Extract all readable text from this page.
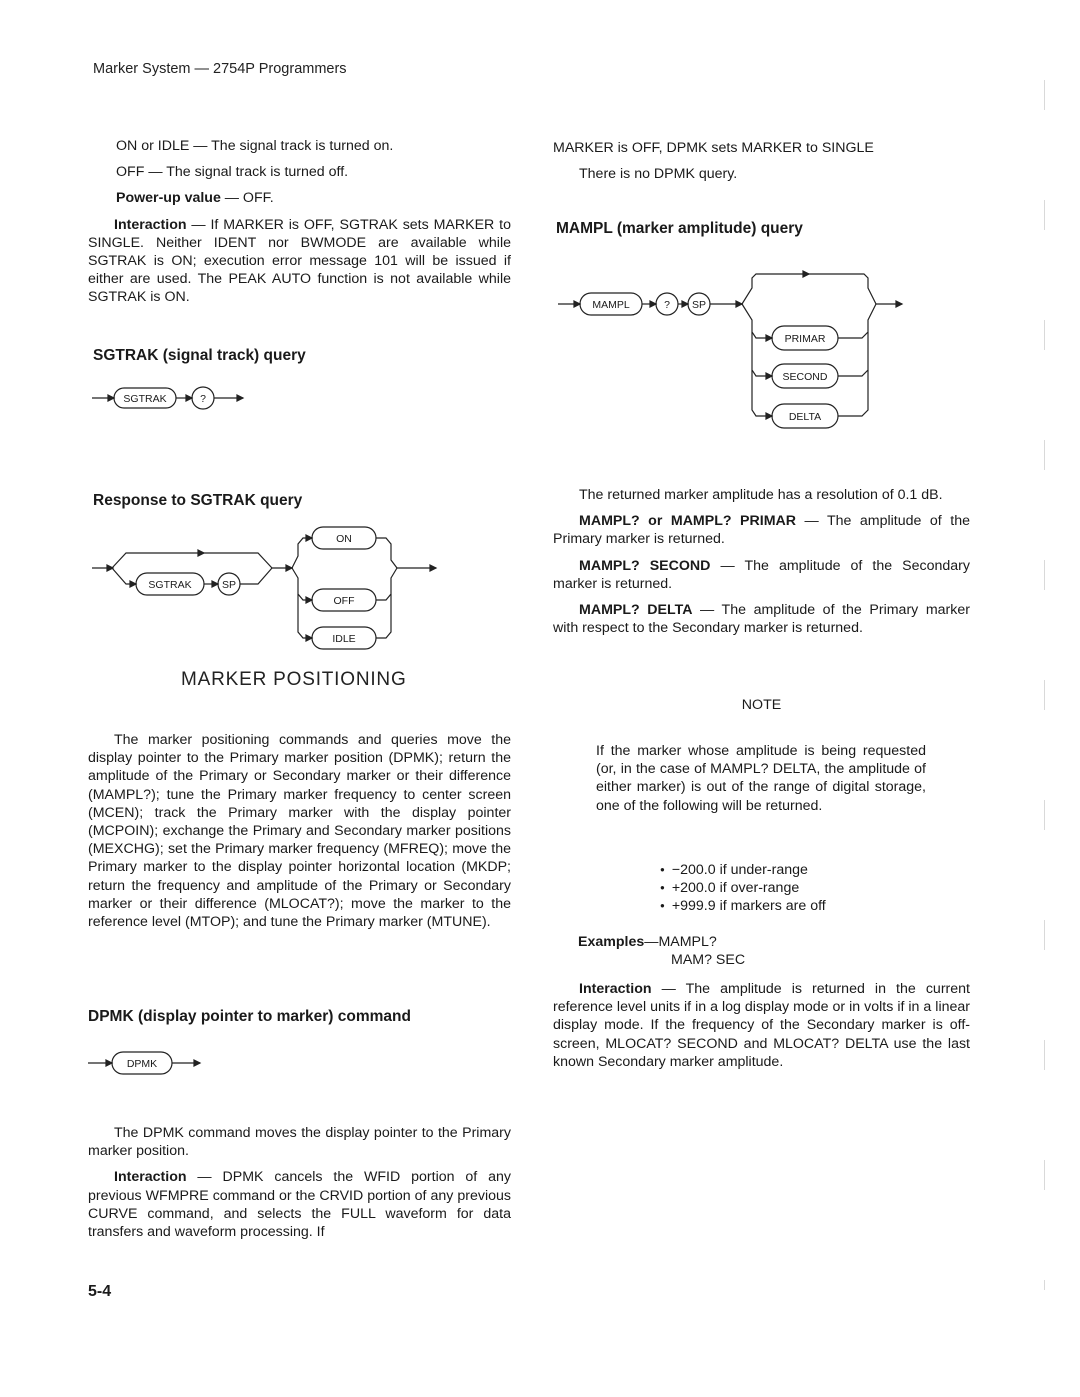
Marker System — 2754P Programmers

ON or IDLE — The signal track is turned on.

OFF — The signal track is turned off.

Power-up value — OFF.

Interaction — If MARKER is OFF, SGTRAK sets MARKER to SINGLE. Neither IDENT nor BWMODE are available while SGTRAK is ON; execution error message 101 will be issued if either are used. The PEAK AUTO function is not available while SGTRAK is ON.

SGTRAK (signal track) query
SGTRAK	?
Response to SGTRAK query
SGTRAK	SP
ON
OFF
IDLE
MARKER POSITIONING

The marker positioning commands and queries move the display pointer to the Primary marker position (DPMK); return the amplitude of the Primary or Secondary marker or their difference (MAMPL?); tune the Primary marker frequency to center screen (MCEN); track the Primary marker with the display pointer (MCPOIN); exchange the Primary and Secondary marker positions (MEXCHG); set the Primary marker frequency (MFREQ); move the Primary marker to the display pointer horizontal location (MKDP; return the frequency and amplitude of the Primary or Secondary marker or their difference (MLOCAT?); move the marker to the reference level (MTOP); and tune the Primary marker (MTUNE).

DPMK (display pointer to marker) command
DPMK

The DPMK command moves the display pointer to the Primary marker position.

Interaction — DPMK cancels the WFID portion of any previous WFMPRE command or the CRVID portion of any previous CURVE command, and selects the FULL waveform for data transfers and waveform processing. If

5-4

MARKER is OFF, DPMK sets MARKER to SINGLE

There is no DPMK query.

MAMPL (marker amplitude) query
MAMPL	? SP
PRIMAR
SECOND
DELTA

The returned marker amplitude has a resolution of 0.1 dB.

MAMPL? or MAMPL? PRIMAR — The amplitude of the Primary marker is returned.

MAMPL? SECOND — The amplitude of the Secondary marker is returned.

MAMPL? DELTA — The amplitude of the Primary marker with respect to the Secondary marker is returned.

NOTE
If the marker whose amplitude is being requested (or, in the case of MAMPL? DELTA, the amplitude of either marker) is out of the range of digital storage, one of the following will be returned.
● −200.0 if under-range
● +200.0 if over-range
● +999.9 if markers are off
Examples—MAMPL?
MAM? SEC

Interaction — The amplitude is returned in the current reference level units if in a log display mode or in volts if in a linear display mode. If the frequency of the Secondary marker is off-screen, MLOCAT? SECOND and MLOCAT? DELTA use the last known Secondary marker amplitude.
